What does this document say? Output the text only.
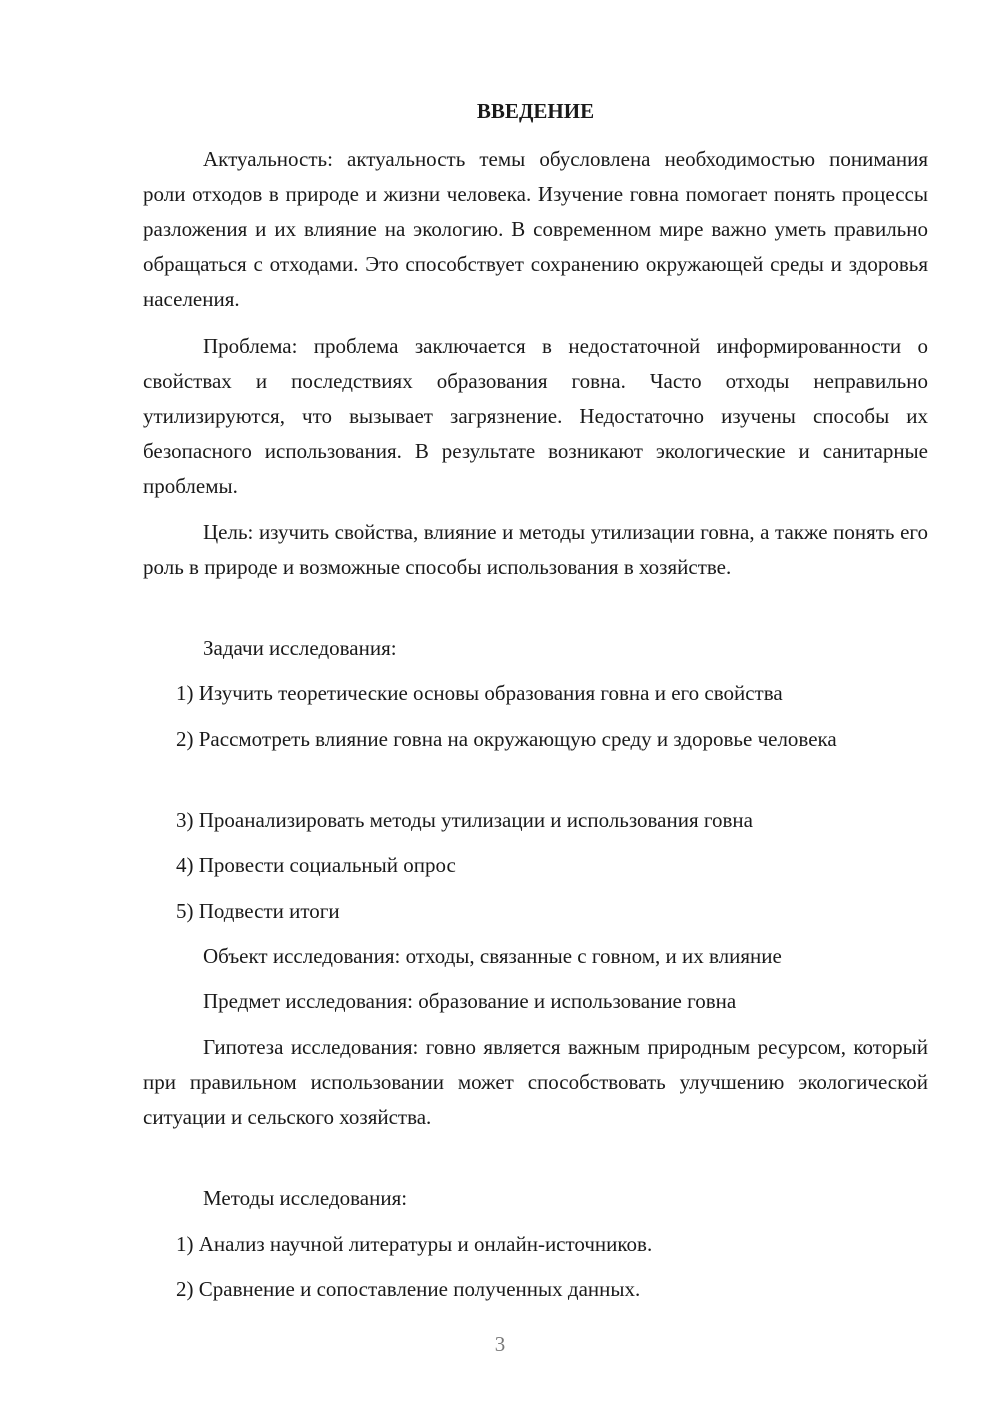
ВВЕДЕНИЕ

Актуальность: актуальность темы обусловлена необходимостью понимания роли отходов в природе и жизни человека. Изучение говна помогает понять процессы разложения и их влияние на экологию. В современном мире важно уметь правильно обращаться с отходами. Это способствует сохранению окружающей среды и здоровья населения.

Проблема: проблема заключается в недостаточной информированности о свойствах и последствиях образования говна. Часто отходы неправильно утилизируются, что вызывает загрязнение. Недостаточно изучены способы их безопасного использования. В результате возникают экологические и санитарные проблемы.

Цель: изучить свойства, влияние и методы утилизации говна, а также понять его роль в природе и возможные способы использования в хозяйстве.

Задачи исследования:
1) Изучить теоретические основы образования говна и его свойства

2) Рассмотреть влияние говна на окружающую среду и здоровье человека

3) Проанализировать методы утилизации и использования говна
4) Провести социальный опрос
5) Подвести итоги
Объект исследования: отходы, связанные с говном, и их влияние
Предмет исследования: образование и использование говна

Гипотеза исследования: говно является важным природным ресурсом, который при правильном использовании может способствовать улучшению экологической ситуации и сельского хозяйства.

Методы исследования:
1) Анализ научной литературы и онлайн-источников.
2) Сравнение и сопоставление полученных данных.
3
